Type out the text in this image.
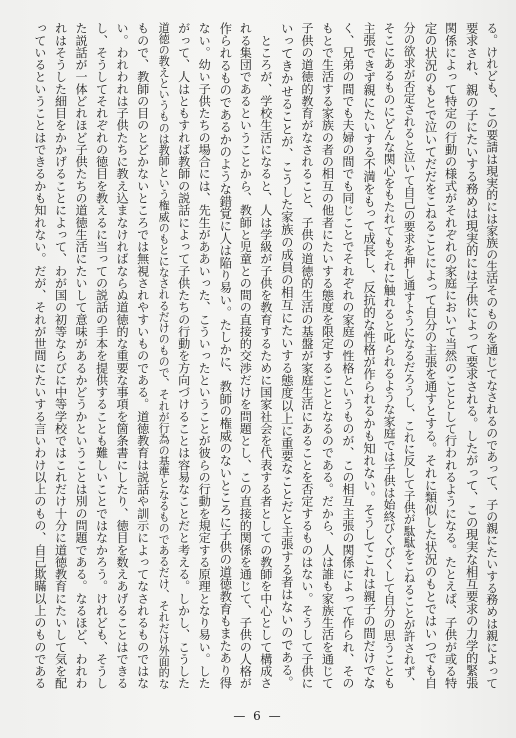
る。けれども、この要請は現実的には家族の生活そのものを通じてなされるのであって、子の親にたいする務めは親によって
要求され、親の子にたいする務めは現実的には子供によって要求される。したがって、この現実な相互要求の力学的緊張
関係によって特定の行動の様式がそれぞれの家庭において当然のこととして行われるようになる。たとえば、子供が或る特
定の状況のもとで泣いてだだをこねることによって自分の主張を通すとする。それに類似した状況のもとではいつでも自
分の欲求が否定されると泣いて自己の要求を押し通すようになるだろうし、これに反して子供が駄駄をこねることが許されず、
そこにあるものにどんな関心をもたれてもそれに触れると叱られるような家庭では子供は始終びくびくして自分の思うことも
主張できず親にたいする不満をもって成長し、反抗的な性格が作られるかも知れない。そうしてこれは親子の間だけでな
く、兄弟の間でも夫婦の間でも同じことでそれぞれの家庭の性格というものが、この相互主張の関係によって作られ、その
もとで生活する家族の者の相互の他者にたいする態度を限定することとなるのである。だから、人は誰も家族生活を通じて
子供の道徳的教育がなされること、子供の道徳的生活の基盤が家庭生活にあることを否定するものはない。そうして子供に
いってきかせることが、こうした家族の成員の相互にたいする態度以上に重要なことだと主張する者はないのである。
　ところが、学校生活になると、人は学級が子供を教育するために国家社会を代表する者としての教師を中心として構成さ
れる集団であるということから、教師と児童との間の直接的交渉だけを問題とし、この直接的関係を通じて、子供の人格が
作られるものであるかのような錯覚に人は陥り易い。たしかに、教師の権威のないところに子供の道徳教育もまたあり得
ない。幼い子供たちの場合には、先生がああいった、こういったということが彼らの行動を規定する原理となり易い。した
がって、人はともすれば教師の説話によって子供たちの行動を方向づけることは容易なことだと考える。しかし、こうした
道徳の教えというものは教師という権威のもとになされるだけのもので、それが行為の基準となるものであるだけ、それだけ外面的な
もので、教師の目のとどかないところでは無視されやすいものである。道徳教育は説話や訓示によってなされるものではな
い。われわれは子供たちに教え込まなければならぬ道徳的な重要な事項を箇条書にしたり、徳目を数えあげることはできる
し、そうしてそれぞれの徳目を教えるに当っての説話の手本を提供することも難しいことではなかろう。けれども、そうし
た説話が一体どれほど子供たちの道徳生活にたいして意味があるかどうかということは別の問題である。なるほど、われわ
れはそうした細目をかかげることによって、わが国の初等ならびに中等学校ではこれだけ十分に道徳教育にたいして気を配
っているということはできるかも知れない。だが、それが世間にたいする言いわけ以上のもの、自己欺瞞以上のものである
— 6 —
